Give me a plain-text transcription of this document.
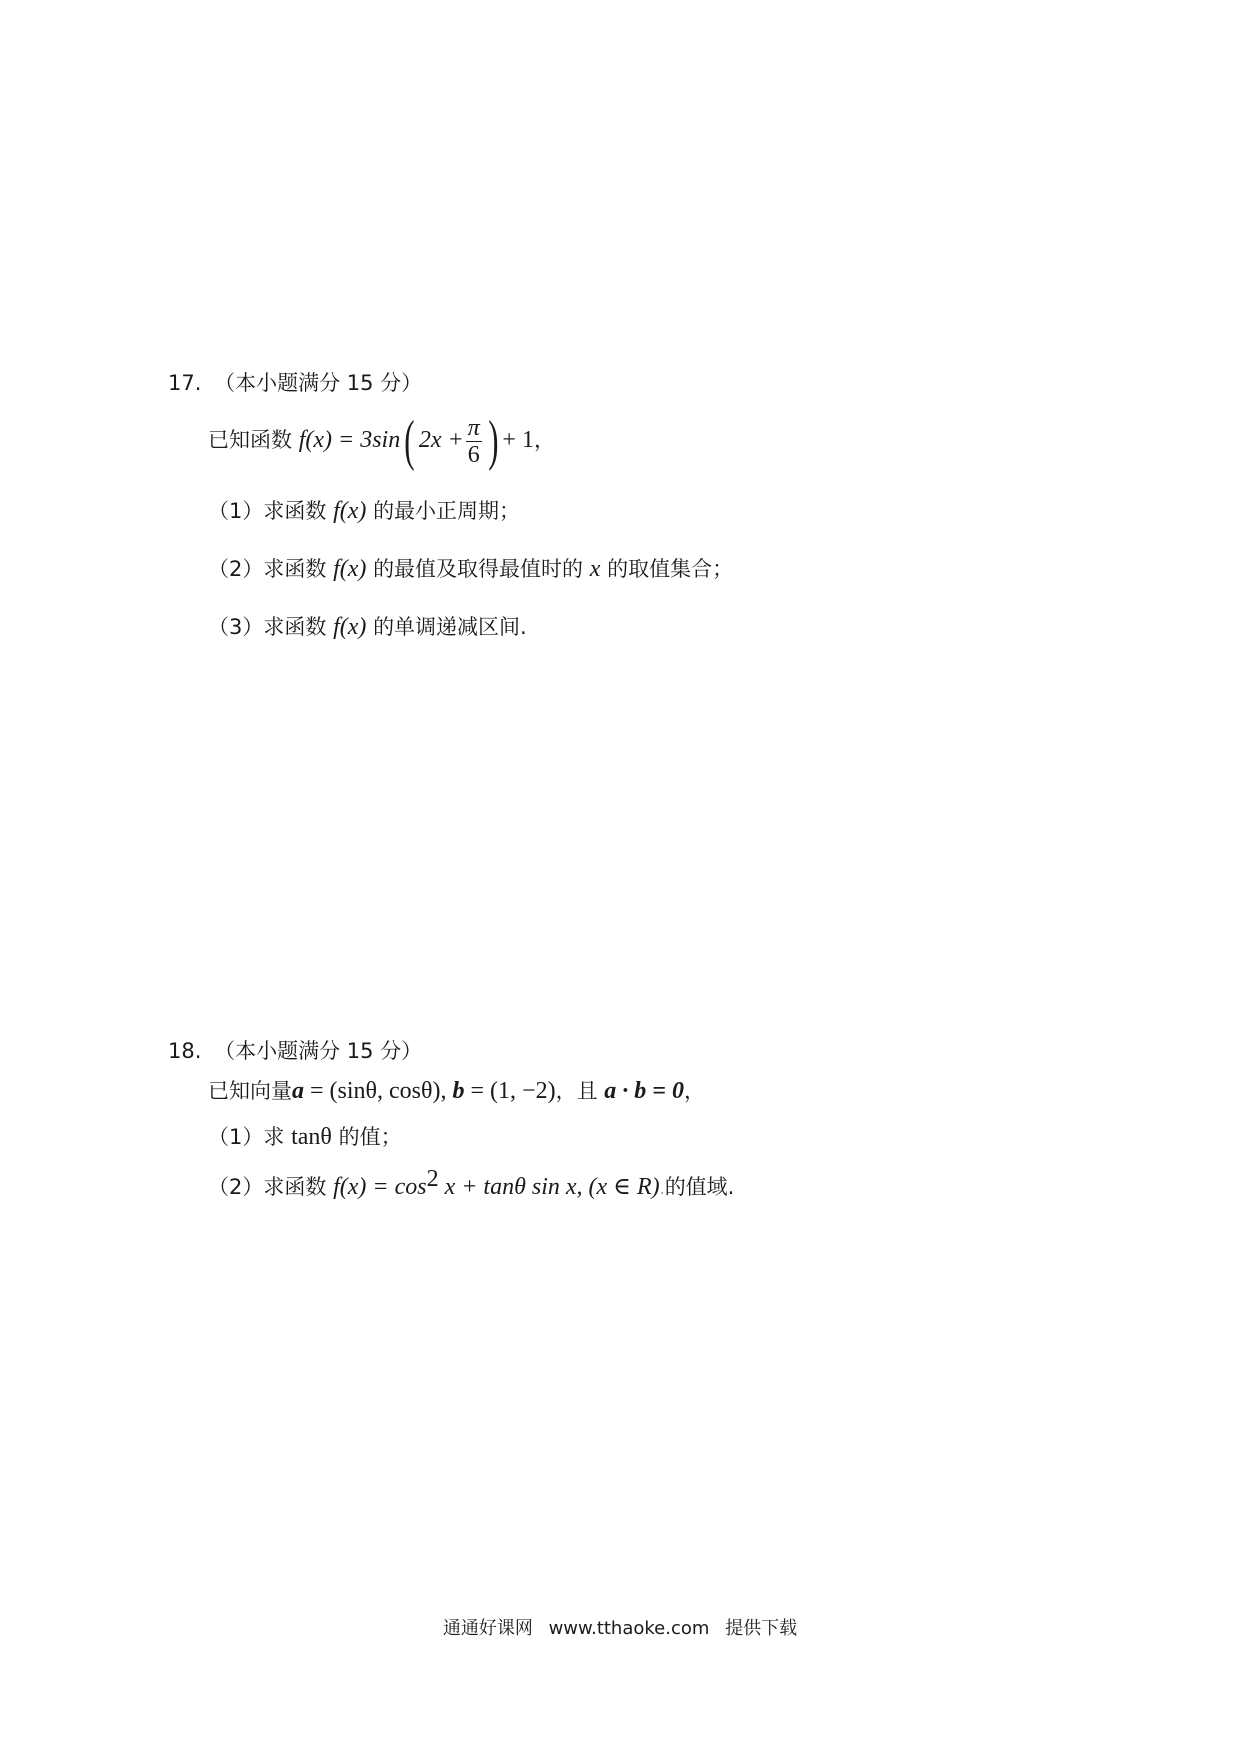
17. （本小题满分 15 分）
已知函数 f(x) = 3sin( $2x + \frac{\pi}{6}$ ) + 1，
（1）求函数 f(x) 的最小正周期；
（2）求函数 f(x) 的最值及取得最值时的 x 的取值集合；
（3）求函数 f(x) 的单调递减区间.
18. （本小题满分 15 分）
已知向量a = (sinθ, cosθ), b = (1, −2)，且 a · b = 0，
（1）求 tanθ 的值；
（2）求函数 $f(x) = \cos^2 x + \tan\theta$ sin x, (x ∈ R).的值域.
通通好课网 www.tthaoke.com 提供下载
